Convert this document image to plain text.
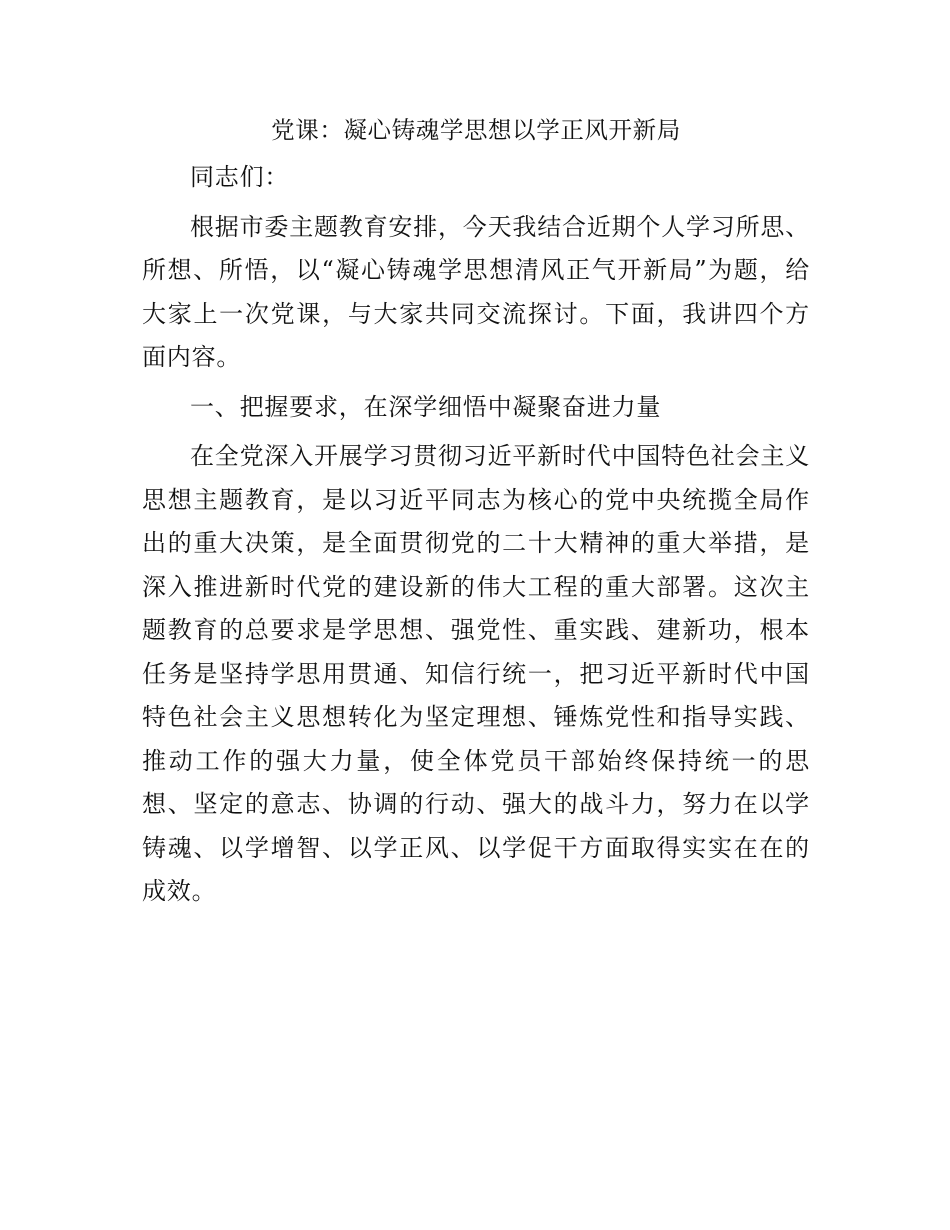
党课：凝心铸魂学思想以学正风开新局

同志们：

根据市委主题教育安排，今天我结合近期个人学习所思、所想、所悟，以“凝心铸魂学思想清风正气开新局”为题，给大家上一次党课，与大家共同交流探讨。下面，我讲四个方面内容。

一、把握要求，在深学细悟中凝聚奋进力量

在全党深入开展学习贯彻习近平新时代中国特色社会主义思想主题教育，是以习近平同志为核心的党中央统揽全局作出的重大决策，是全面贯彻党的二十大精神的重大举措，是深入推进新时代党的建设新的伟大工程的重大部署。这次主题教育的总要求是学思想、强党性、重实践、建新功，根本任务是坚持学思用贯通、知信行统一，把习近平新时代中国特色社会主义思想转化为坚定理想、锤炼党性和指导实践、推动工作的强大力量，使全体党员干部始终保持统一的思想、坚定的意志、协调的行动、强大的战斗力，努力在以学铸魂、以学增智、以学正风、以学促干方面取得实实在在的成效。
